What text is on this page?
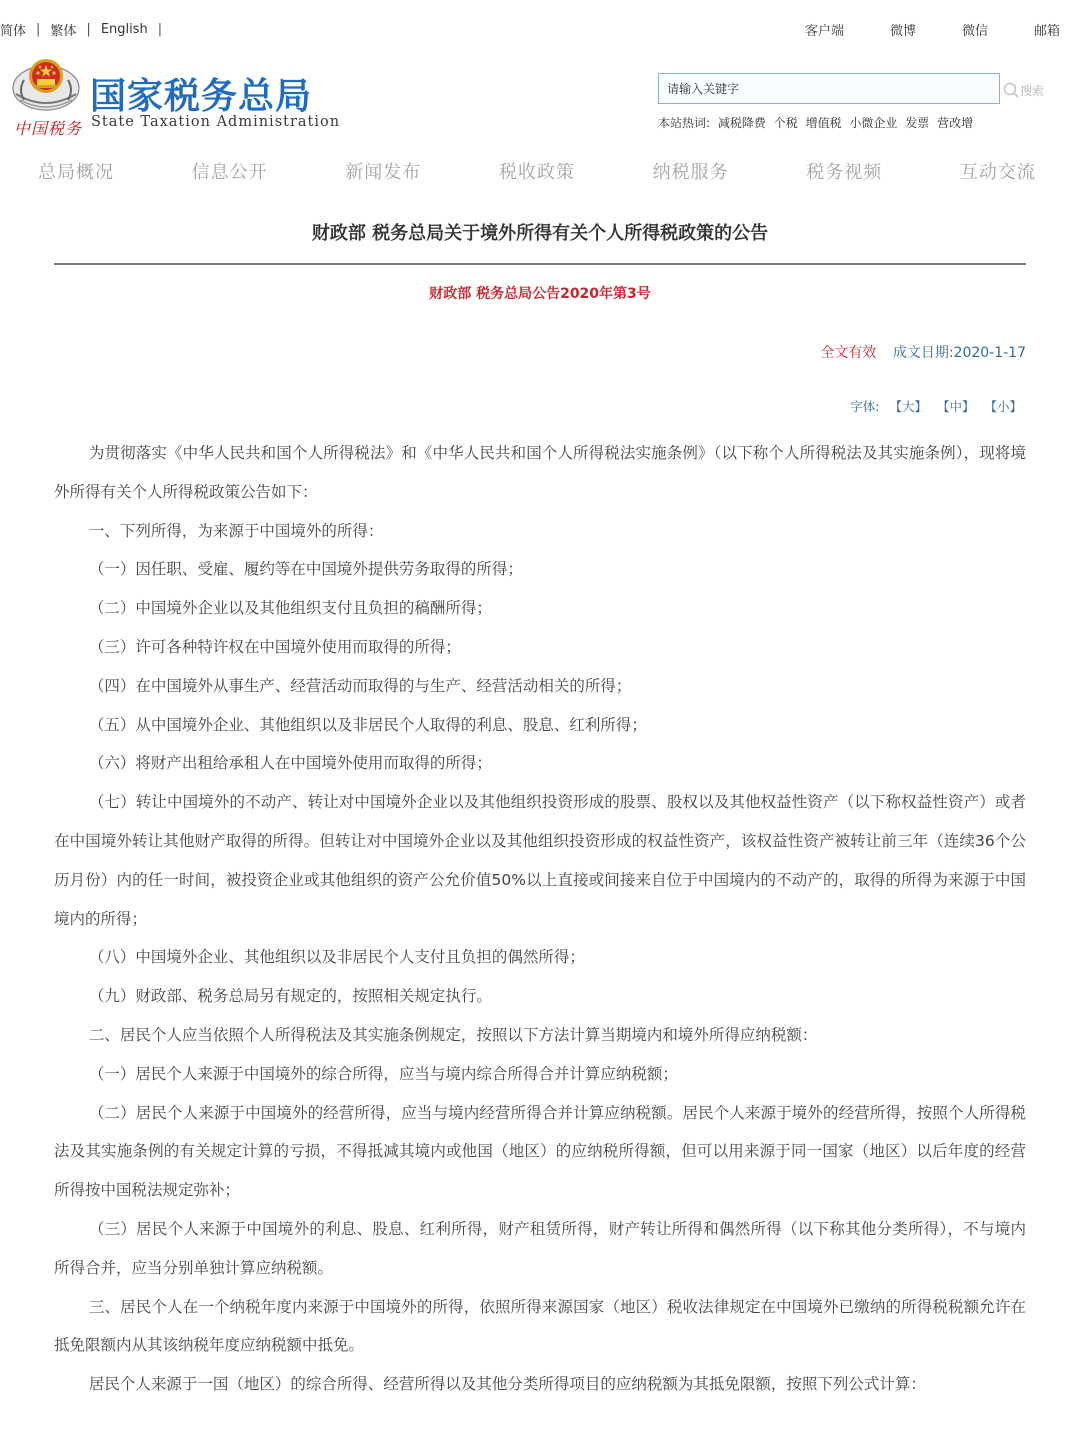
简体 | 繁体 | English |	客户端	微博	微信	邮箱
中国税务
国家税务总局
State Taxation Administration
请输入关键字
搜索
本站热词: 减税降费 个税 增值税 小微企业 发票 营改增
总局概况	信息公开	新闻发布	税收政策	纳税服务	税务视频	互动交流
财政部 税务总局关于境外所得有关个人所得税政策的公告
财政部 税务总局公告2020年第3号
全文有效 成文日期:2020-1-17
字体: 【大】 【中】 【小】

为贯彻落实《中华人民共和国个人所得税法》和《中华人民共和国个人所得税法实施条例》（以下称个人所得税法及其实施条例），现将境外所得有关个人所得税政策公告如下：

一、下列所得，为来源于中国境外的所得：

（一）因任职、受雇、履约等在中国境外提供劳务取得的所得；

（二）中国境外企业以及其他组织支付且负担的稿酬所得；

（三）许可各种特许权在中国境外使用而取得的所得；

（四）在中国境外从事生产、经营活动而取得的与生产、经营活动相关的所得；

（五）从中国境外企业、其他组织以及非居民个人取得的利息、股息、红利所得；

（六）将财产出租给承租人在中国境外使用而取得的所得；

（七）转让中国境外的不动产、转让对中国境外企业以及其他组织投资形成的股票、股权以及其他权益性资产（以下称权益性资产）或者在中国境外转让其他财产取得的所得。但转让对中国境外企业以及其他组织投资形成的权益性资产，该权益性资产被转让前三年（连续36个公历月份）内的任一时间，被投资企业或其他组织的资产公允价值50%以上直接或间接来自位于中国境内的不动产的，取得的所得为来源于中国境内的所得；

（八）中国境外企业、其他组织以及非居民个人支付且负担的偶然所得；

（九）财政部、税务总局另有规定的，按照相关规定执行。

二、居民个人应当依照个人所得税法及其实施条例规定，按照以下方法计算当期境内和境外所得应纳税额：

（一）居民个人来源于中国境外的综合所得，应当与境内综合所得合并计算应纳税额；

（二）居民个人来源于中国境外的经营所得，应当与境内经营所得合并计算应纳税额。居民个人来源于境外的经营所得，按照个人所得税法及其实施条例的有关规定计算的亏损，不得抵减其境内或他国（地区）的应纳税所得额，但可以用来源于同一国家（地区）以后年度的经营所得按中国税法规定弥补；

（三）居民个人来源于中国境外的利息、股息、红利所得，财产租赁所得，财产转让所得和偶然所得（以下称其他分类所得），不与境内所得合并，应当分别单独计算应纳税额。

三、居民个人在一个纳税年度内来源于中国境外的所得，依照所得来源国家（地区）税收法律规定在中国境外已缴纳的所得税税额允许在抵免限额内从其该纳税年度应纳税额中抵免。

居民个人来源于一国（地区）的综合所得、经营所得以及其他分类所得项目的应纳税额为其抵免限额，按照下列公式计算：
